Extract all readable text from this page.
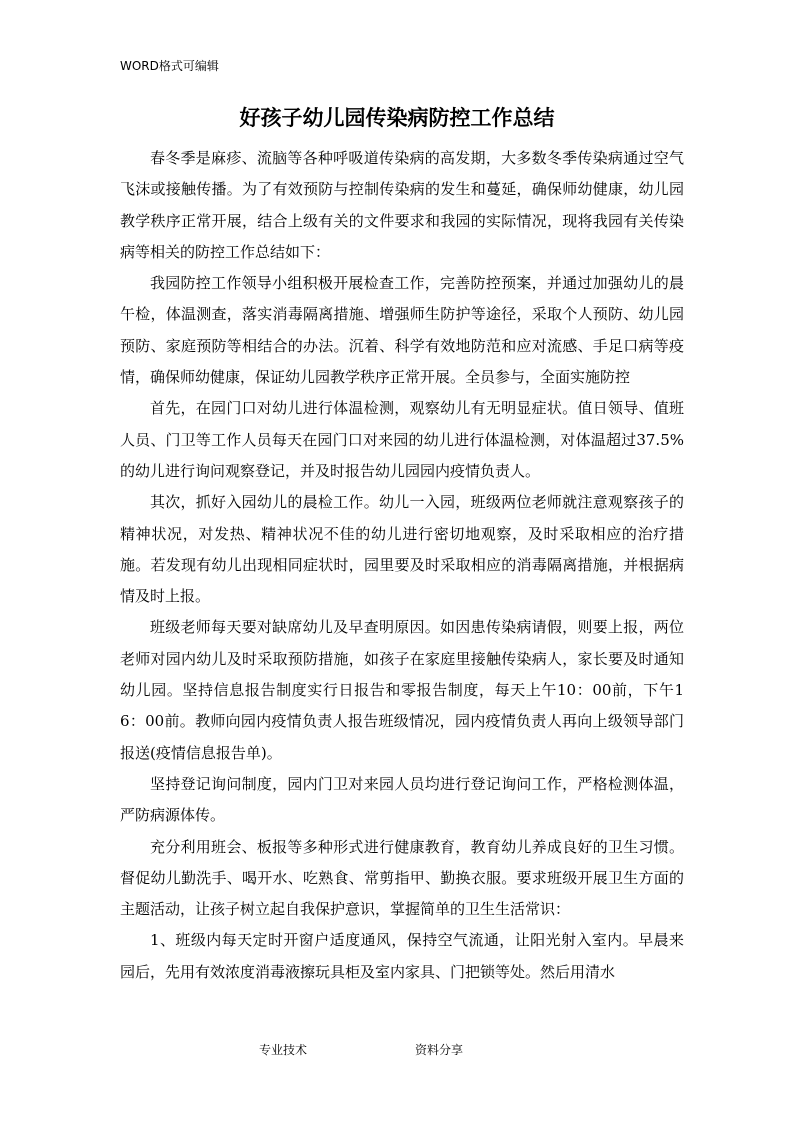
WORD格式可编辑
好孩子幼儿园传染病防控工作总结

春冬季是麻疹、流脑等各种呼吸道传染病的高发期，大多数冬季传染病通过空气飞沫或接触传播。为了有效预防与控制传染病的发生和蔓延，确保师幼健康，幼儿园教学秩序正常开展，结合上级有关的文件要求和我园的实际情况，现将我园有关传染病等相关的防控工作总结如下：

我园防控工作领导小组积极开展检查工作，完善防控预案，并通过加强幼儿的晨午检，体温测查，落实消毒隔离措施、增强师生防护等途径，采取个人预防、幼儿园预防、家庭预防等相结合的办法。沉着、科学有效地防范和应对流感、手足口病等疫情，确保师幼健康，保证幼儿园教学秩序正常开展。全员参与，全面实施防控

首先，在园门口对幼儿进行体温检测，观察幼儿有无明显症状。值日领导、值班人员、门卫等工作人员每天在园门口对来园的幼儿进行体温检测，对体温超过37.5%的幼儿进行询问观察登记，并及时报告幼儿园园内疫情负责人。

其次，抓好入园幼儿的晨检工作。幼儿一入园，班级两位老师就注意观察孩子的精神状况，对发热、精神状况不佳的幼儿进行密切地观察，及时采取相应的治疗措施。若发现有幼儿出现相同症状时，园里要及时采取相应的消毒隔离措施，并根据病情及时上报。

班级老师每天要对缺席幼儿及早查明原因。如因患传染病请假，则要上报，两位老师对园内幼儿及时采取预防措施，如孩子在家庭里接触传染病人，家长要及时通知幼儿园。坚持信息报告制度实行日报告和零报告制度，每天上午10：00前，下午16：00前。教师向园内疫情负责人报告班级情况，园内疫情负责人再向上级领导部门报送(疫情信息报告单)。

坚持登记询问制度，园内门卫对来园人员均进行登记询问工作，严格检测体温，严防病源体传。

充分利用班会、板报等多种形式进行健康教育，教育幼儿养成良好的卫生习惯。督促幼儿勤洗手、喝开水、吃熟食、常剪指甲、勤换衣服。要求班级开展卫生方面的主题活动，让孩子树立起自我保护意识，掌握简单的卫生生活常识：

1、班级内每天定时开窗户适度通风，保持空气流通，让阳光射入室内。早晨来园后，先用有效浓度消毒液擦玩具柜及室内家具、门把锁等处。然后用清水

专业技术	资料分享
